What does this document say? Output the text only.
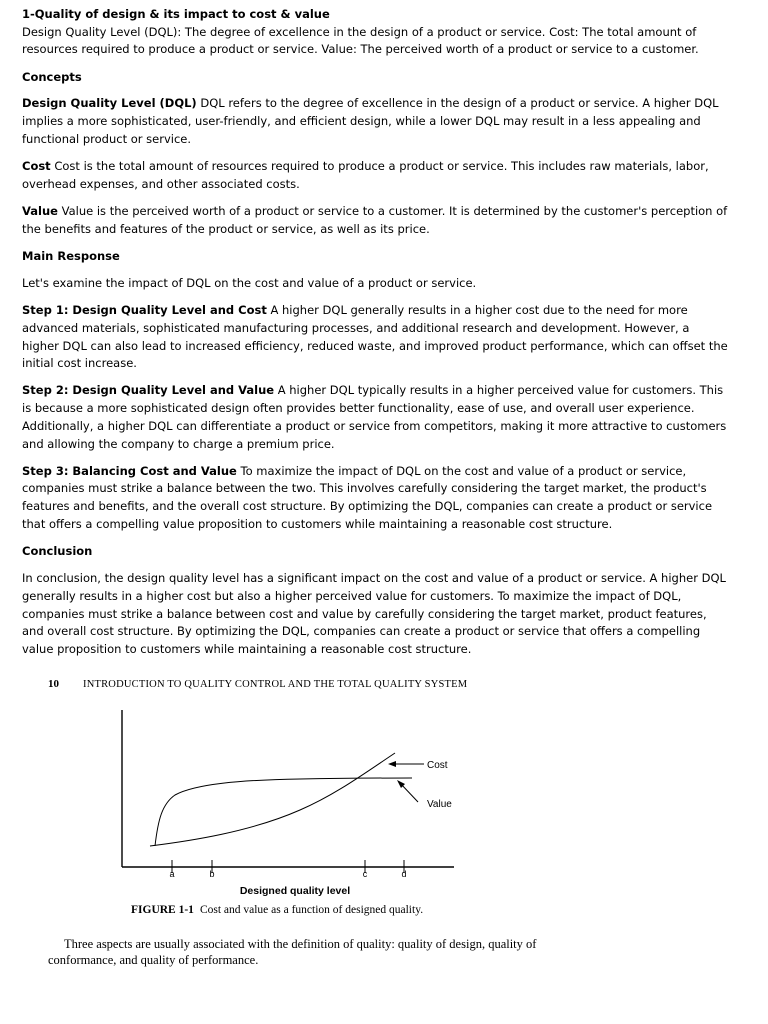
1-Quality of design & its impact to cost & value

Design Quality Level (DQL): The degree of excellence in the design of a product or service. Cost: The total amount of resources required to produce a product or service. Value: The perceived worth of a product or service to a customer.

Concepts

Design Quality Level (DQL) DQL refers to the degree of excellence in the design of a product or service. A higher DQL implies a more sophisticated, user-friendly, and efficient design, while a lower DQL may result in a less appealing and functional product or service.

Cost Cost is the total amount of resources required to produce a product or service. This includes raw materials, labor, overhead expenses, and other associated costs.

Value Value is the perceived worth of a product or service to a customer. It is determined by the customer's perception of the benefits and features of the product or service, as well as its price.

Main Response

Let's examine the impact of DQL on the cost and value of a product or service.

Step 1: Design Quality Level and Cost A higher DQL generally results in a higher cost due to the need for more advanced materials, sophisticated manufacturing processes, and additional research and development. However, a higher DQL can also lead to increased efficiency, reduced waste, and improved product performance, which can offset the initial cost increase.

Step 2: Design Quality Level and Value A higher DQL typically results in a higher perceived value for customers. This is because a more sophisticated design often provides better functionality, ease of use, and overall user experience. Additionally, a higher DQL can differentiate a product or service from competitors, making it more attractive to customers and allowing the company to charge a premium price.

Step 3: Balancing Cost and Value To maximize the impact of DQL on the cost and value of a product or service, companies must strike a balance between the two. This involves carefully considering the target market, the product's features and benefits, and the overall cost structure. By optimizing the DQL, companies can create a product or service that offers a compelling value proposition to customers while maintaining a reasonable cost structure.

Conclusion

In conclusion, the design quality level has a significant impact on the cost and value of a product or service. A higher DQL generally results in a higher cost but also a higher perceived value for customers. To maximize the impact of DQL, companies must strike a balance between cost and value by carefully considering the target market, product features, and overall cost structure. By optimizing the DQL, companies can create a product or service that offers a compelling value proposition to customers while maintaining a reasonable cost structure.

10 INTRODUCTION TO QUALITY CONTROL AND THE TOTAL QUALITY SYSTEM
a	b	c	d
Cost
Value
Designed quality level
FIGURE 1-1 Cost and value as a function of designed quality.
Three aspects are usually associated with the definition of quality: quality of design, quality of conformance, and quality of performance.
